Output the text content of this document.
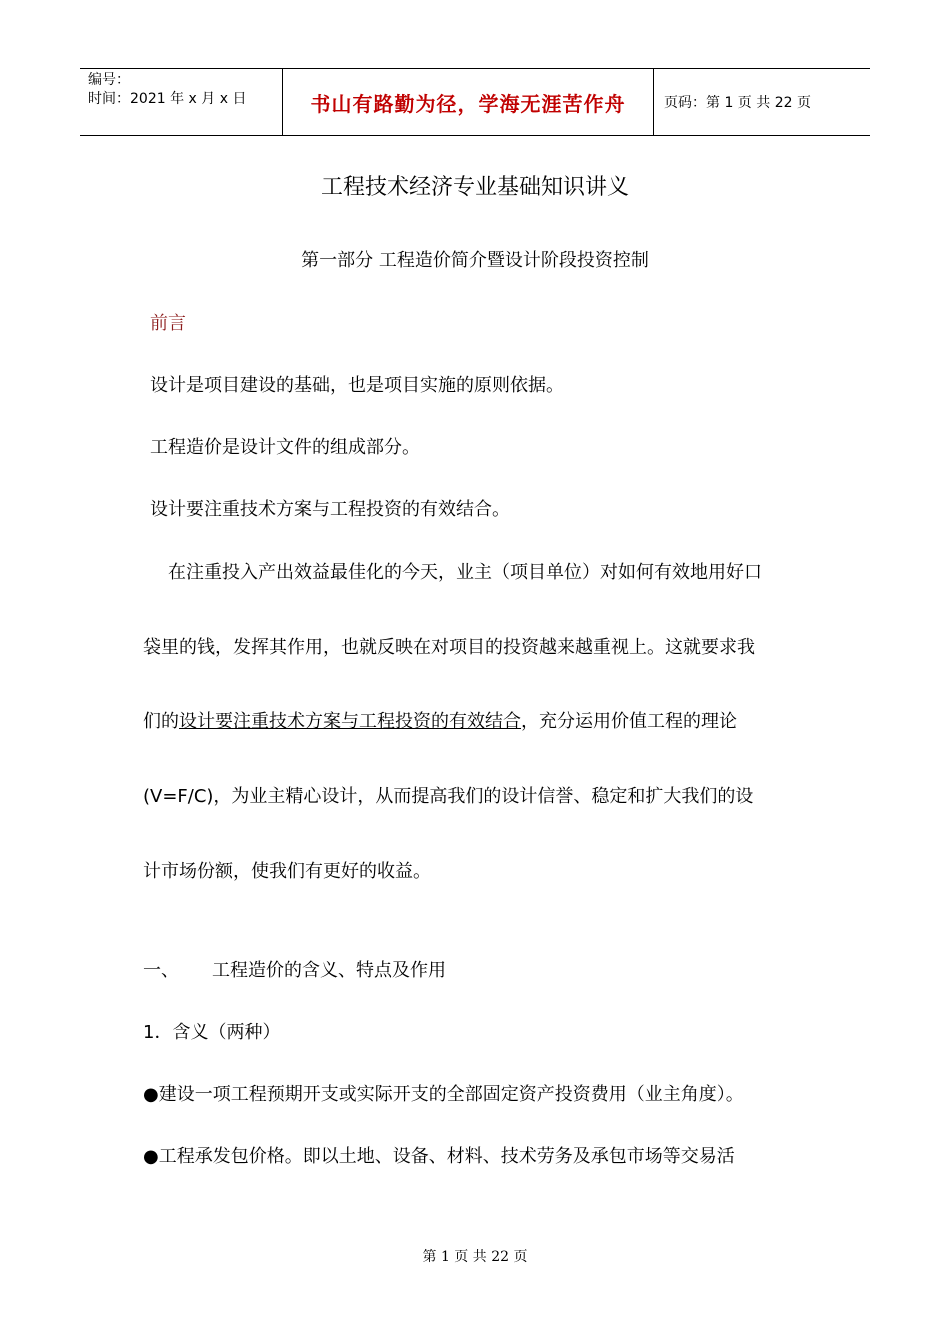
编号：
时间：2021 年 x 月 x 日	书山有路勤为径，学海无涯苦作舟	页码：第 1 页 共 22 页
工程技术经济专业基础知识讲义
第一部分 工程造价简介暨设计阶段投资控制
前言
设计是项目建设的基础，也是项目实施的原则依据。
工程造价是设计文件的组成部分。
设计要注重技术方案与工程投资的有效结合。
在注重投入产出效益最佳化的今天，业主（项目单位）对如何有效地用好口
袋里的钱，发挥其作用，也就反映在对项目的投资越来越重视上。这就要求我
们的设计要注重技术方案与工程投资的有效结合，充分运用价值工程的理论
(V=F/C)，为业主精心设计，从而提高我们的设计信誉、稳定和扩大我们的设
计市场份额，使我们有更好的收益。
一、 工程造价的含义、特点及作用
1．含义（两种）
●建设一项工程预期开支或实际开支的全部固定资产投资费用（业主角度）。
●工程承发包价格。即以土地、设备、材料、技术劳务及承包市场等交易活
第 1 页 共 22 页
